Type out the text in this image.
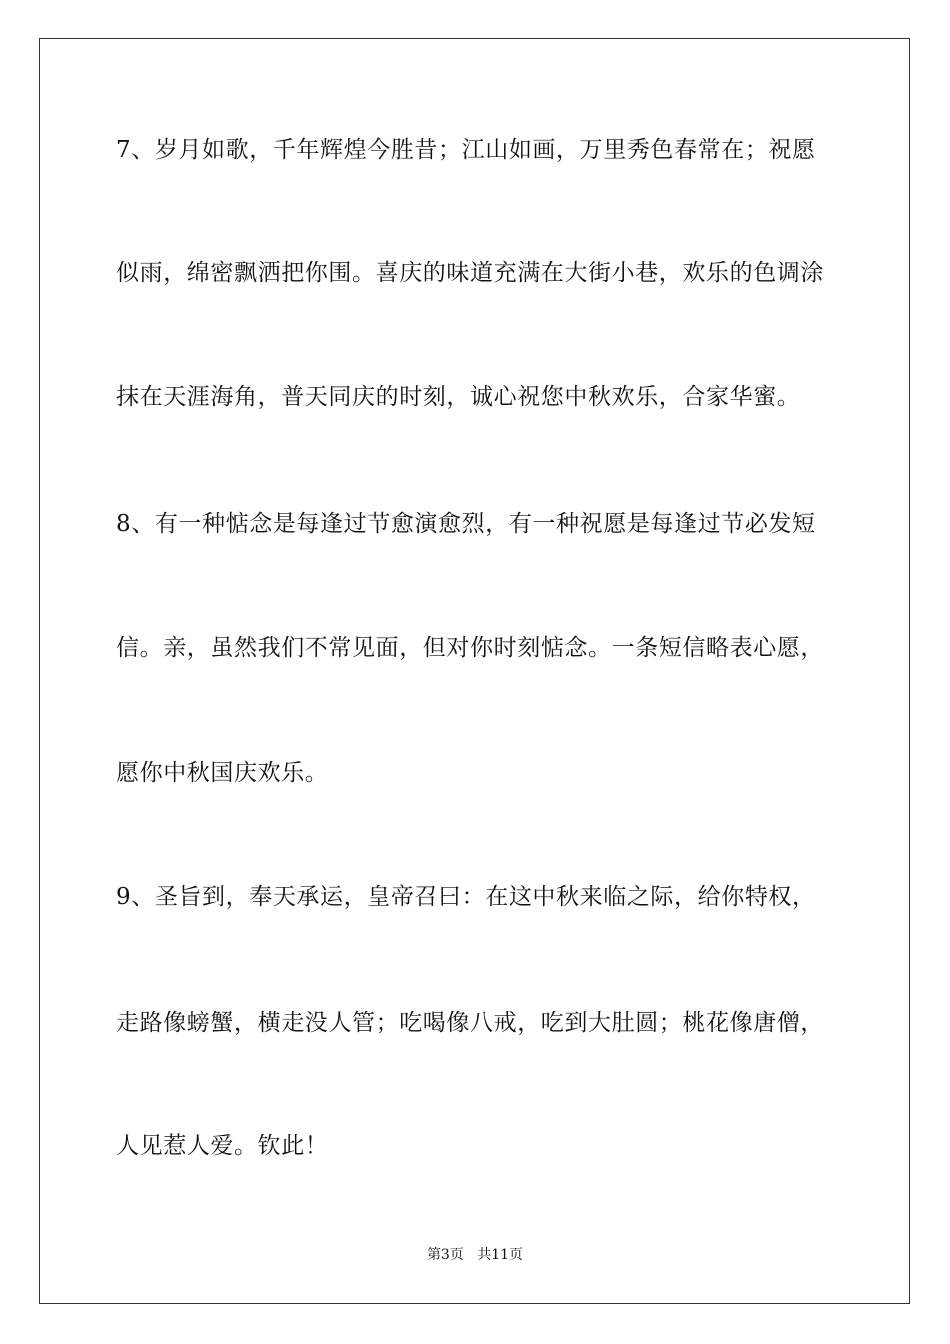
7、岁月如歌，千年辉煌今胜昔；江山如画，万里秀色春常在；祝愿
似雨，绵密飘洒把你围。喜庆的味道充满在大街小巷，欢乐的色调涂
抹在天涯海角，普天同庆的时刻，诚心祝您中秋欢乐，合家华蜜。
8、有一种惦念是每逢过节愈演愈烈，有一种祝愿是每逢过节必发短
信。亲，虽然我们不常见面，但对你时刻惦念。一条短信略表心愿，
愿你中秋国庆欢乐。
9、圣旨到，奉天承运，皇帝召曰：在这中秋来临之际，给你特权，
走路像螃蟹，横走没人管；吃喝像八戒，吃到大肚圆；桃花像唐僧，
人见惹人爱。钦此！
第3页 共11页
